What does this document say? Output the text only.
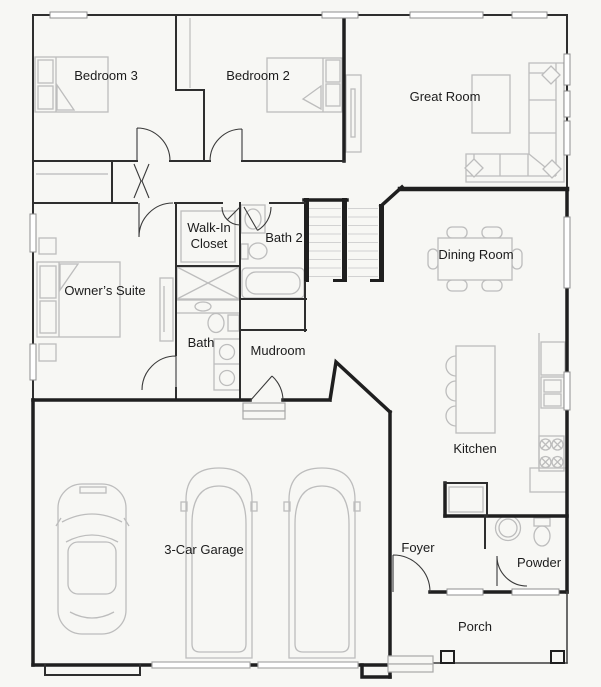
Bedroom 3	Bedroom 2
Great Room
Walk-In
Closet	Bath 2
Dining Room
Owner’s Suite
Bath
Mudroom
Kitchen
3-Car Garage	Foyer
Powder
Porch
